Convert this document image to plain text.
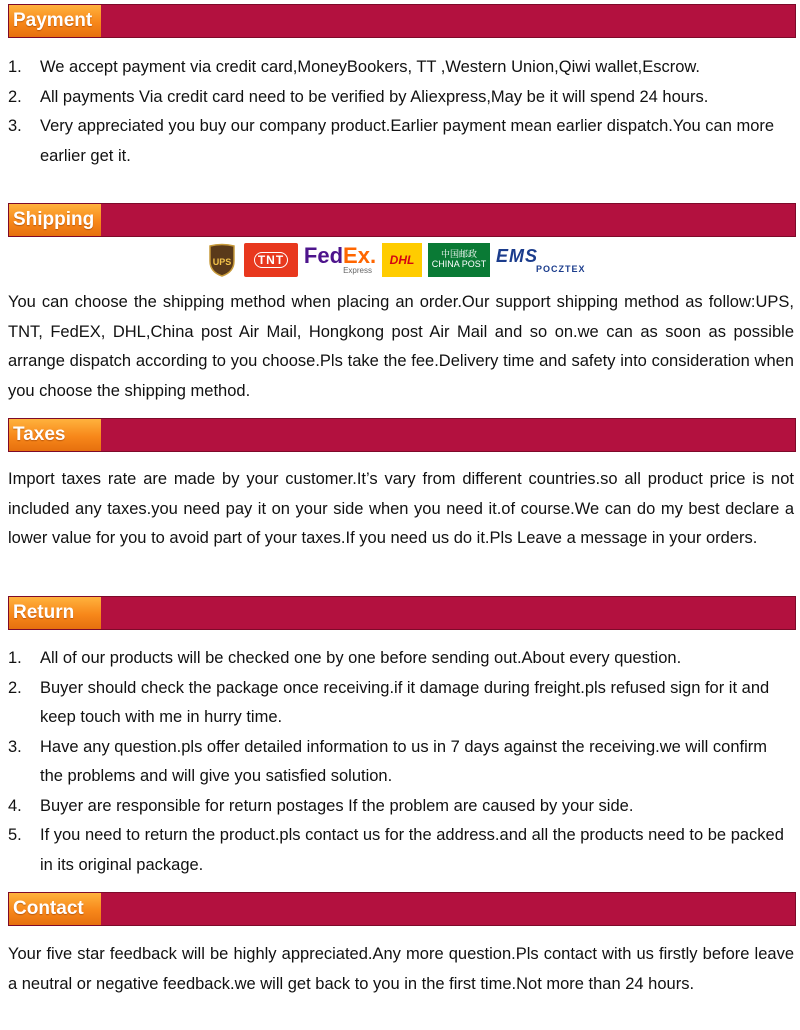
Payment
1. We accept payment via credit card,MoneyBookers, TT ,Western Union,Qiwi wallet,Escrow.
2. All payments Via credit card need to be verified by Aliexpress,May be it will spend 24 hours.
3. Very appreciated you buy our company product.Earlier payment mean earlier dispatch.You can more earlier get it.
Shipping
UPS	TNT FedEx.
Express
DHL	中国邮政
CHINA POST EMS
POCZTEX

You can choose the shipping method when placing an order.Our support shipping method as follow:UPS, TNT, FedEX, DHL,China post Air Mail, Hongkong post Air Mail and so on.we can as soon as possible arrange dispatch according to you choose.Pls take the fee.Delivery time and safety into consideration when you choose the shipping method.

Taxes

Import taxes rate are made by your customer.It’s vary from different countries.so all product price is not included any taxes.you need pay it on your side when you need it.of course.We can do my best declare a lower value for you to avoid part of your taxes.If you need us do it.Pls Leave a message in your orders.

Return
1. All of our products will be checked one by one before sending out.About every question.
2. Buyer should check the package once receiving.if it damage during freight.pls refused sign for it and keep touch with me in hurry time.
3. Have any question.pls offer detailed information to us in 7 days against the receiving.we will confirm the problems and will give you satisfied solution.
4. Buyer are responsible for return postages If the problem are caused by your side.
5. If you need to return the product.pls contact us for the address.and all the products need to be packed in its original package.
Contact

Your five star feedback will be highly appreciated.Any more question.Pls contact with us firstly before leave a neutral or negative feedback.we will get back to you in the first time.Not more than 24 hours.
